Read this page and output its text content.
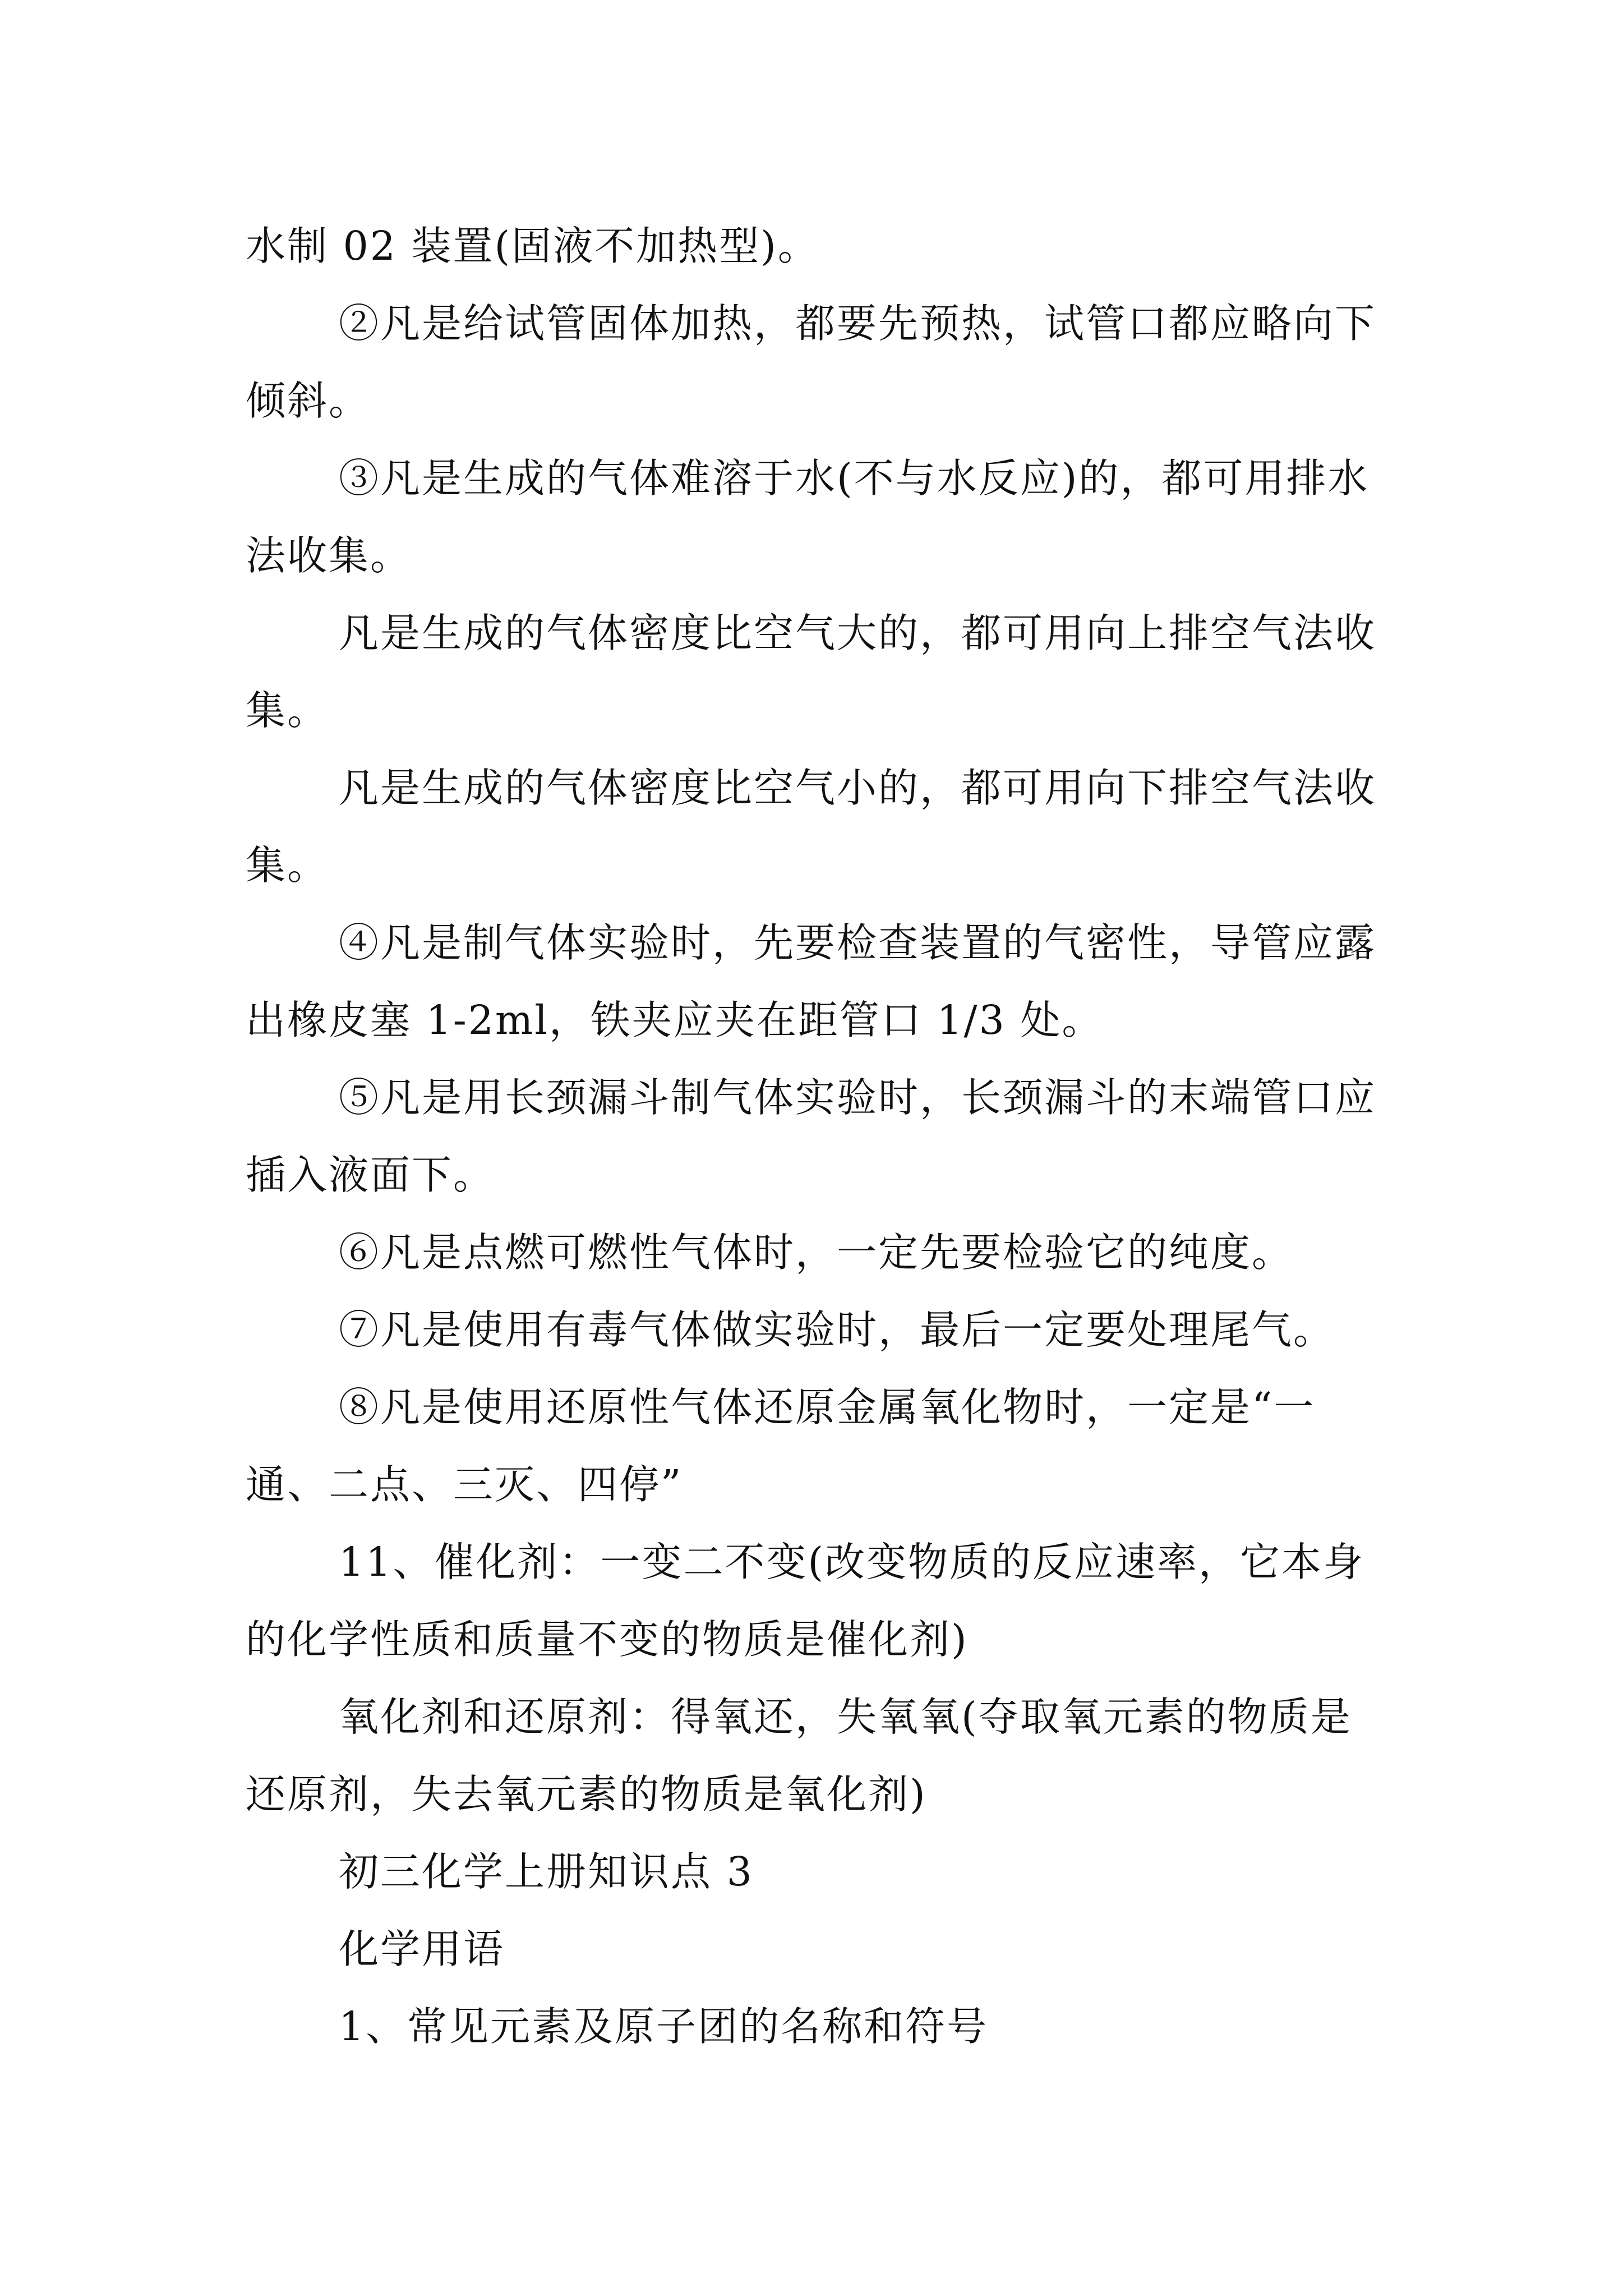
水制 02 装置(固液不加热型)。

②凡是给试管固体加热，都要先预热，试管口都应略向下倾斜。

③凡是生成的气体难溶于水(不与水反应)的，都可用排水法收集。

凡是生成的气体密度比空气大的，都可用向上排空气法收集。

凡是生成的气体密度比空气小的，都可用向下排空气法收集。

④凡是制气体实验时，先要检查装置的气密性，导管应露出橡皮塞 1-2ml，铁夹应夹在距管口 1/3 处。

⑤凡是用长颈漏斗制气体实验时，长颈漏斗的末端管口应插入液面下。

⑥凡是点燃可燃性气体时，一定先要检验它的纯度。

⑦凡是使用有毒气体做实验时，最后一定要处理尾气。

⑧凡是使用还原性气体还原金属氧化物时，一定是“一通、二点、三灭、四停”

11、催化剂：一变二不变(改变物质的反应速率，它本身的化学性质和质量不变的物质是催化剂)

氧化剂和还原剂：得氧还，失氧氧(夺取氧元素的物质是还原剂，失去氧元素的物质是氧化剂)

初三化学上册知识点 3

化学用语

1、常见元素及原子团的名称和符号
